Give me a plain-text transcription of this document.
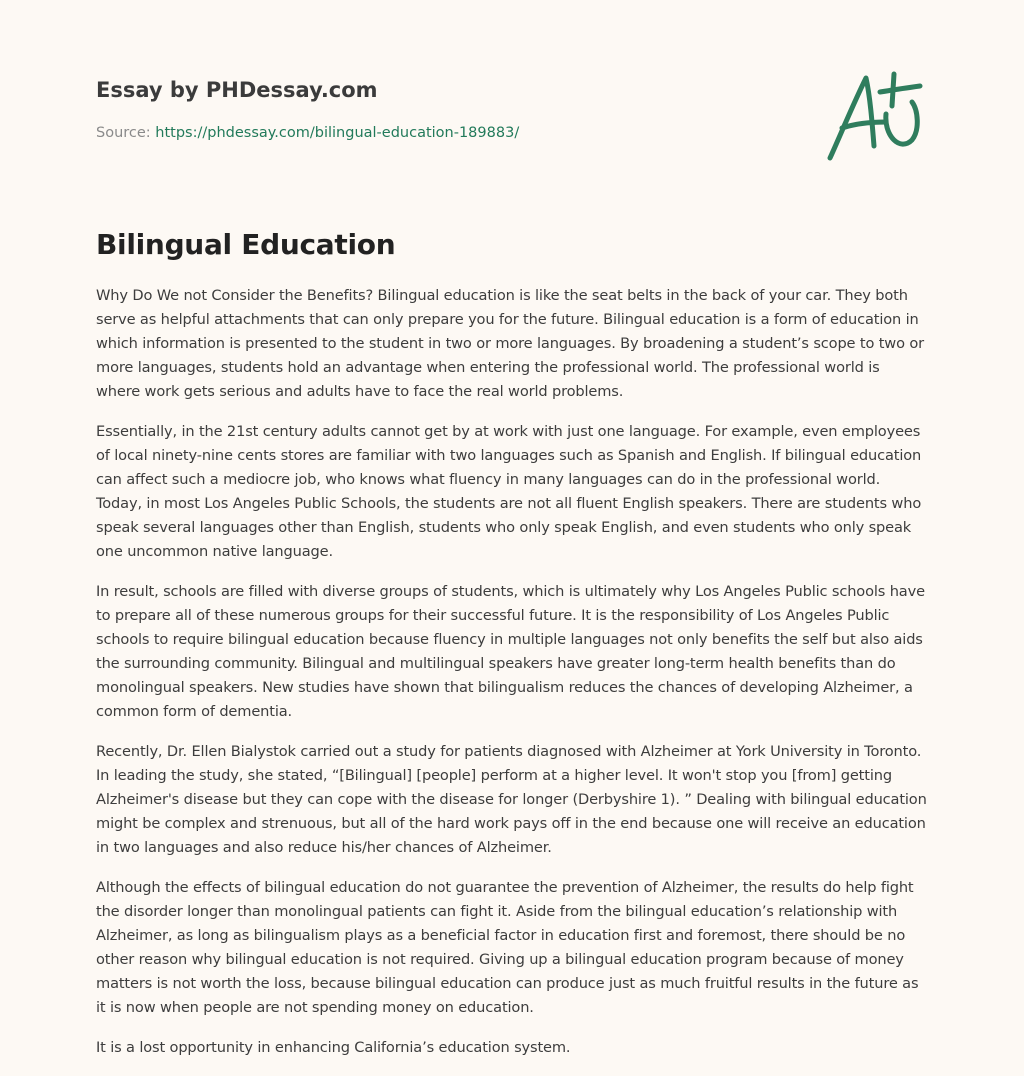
Essay by PHDessay.com

Source: https://phdessay.com/bilingual-education-189883/

Bilingual Education

Why Do We not Consider the Benefits? Bilingual education is like the seat belts in the back of your car. They both serve as helpful attachments that can only prepare you for the future. Bilingual education is a form of education in which information is presented to the student in two or more languages. By broadening a student’s scope to two or more languages, students hold an advantage when entering the professional world. The professional world is where work gets serious and adults have to face the real world problems.

Essentially, in the 21st century adults cannot get by at work with just one language. For example, even employees of local ninety-nine cents stores are familiar with two languages such as Spanish and English. If bilingual education can affect such a mediocre job, who knows what fluency in many languages can do in the professional world. Today, in most Los Angeles Public Schools, the students are not all fluent English speakers. There are students who speak several languages other than English, students who only speak English, and even students who only speak one uncommon native language.

In result, schools are filled with diverse groups of students, which is ultimately why Los Angeles Public schools have to prepare all of these numerous groups for their successful future. It is the responsibility of Los Angeles Public schools to require bilingual education because fluency in multiple languages not only benefits the self but also aids the surrounding community. Bilingual and multilingual speakers have greater long-term health benefits than do monolingual speakers. New studies have shown that bilingualism reduces the chances of developing Alzheimer, a common form of dementia.

Recently, Dr. Ellen Bialystok carried out a study for patients diagnosed with Alzheimer at York University in Toronto. In leading the study, she stated, “[Bilingual] [people] perform at a higher level. It won't stop you [from] getting Alzheimer's disease but they can cope with the disease for longer (Derbyshire 1). ” Dealing with bilingual education might be complex and strenuous, but all of the hard work pays off in the end because one will receive an education in two languages and also reduce his/her chances of Alzheimer.

Although the effects of bilingual education do not guarantee the prevention of Alzheimer, the results do help fight the disorder longer than monolingual patients can fight it. Aside from the bilingual education’s relationship with Alzheimer, as long as bilingualism plays as a beneficial factor in education first and foremost, there should be no other reason why bilingual education is not required. Giving up a bilingual education program because of money matters is not worth the loss, because bilingual education can produce just as much fruitful results in the future as it is now when people are not spending money on education.

It is a lost opportunity in enhancing California’s education system.
